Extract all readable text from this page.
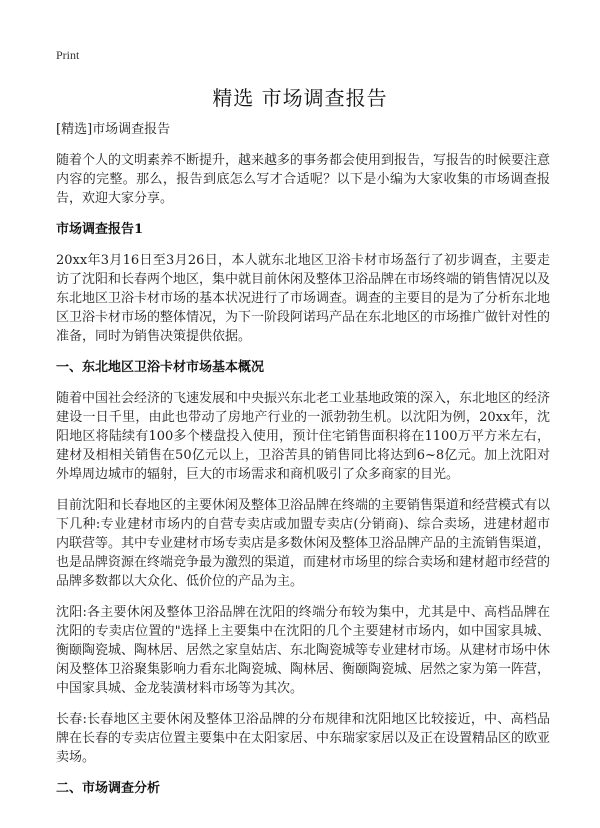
Print
精选 市场调查报告

[精选]市场调查报告

随着个人的文明素养不断提升，越来越多的事务都会使用到报告，写报告的时候要注意内容的完整。那么，报告到底怎么写才合适呢？以下是小编为大家收集的市场调查报告，欢迎大家分享。

市场调查报告1

20xx年3月16日至3月26日，本人就东北地区卫浴卡材市场盔行了初步调查，主要走访了沈阳和长春两个地区，集中就目前休闲及整体卫浴品牌在市场终端的销售情况以及东北地区卫浴卡材市场的基本状况进行了市场调查。调查的主要目的是为了分析东北地区卫浴卡材市场的整体情况，为下一阶段阿诺玛产品在东北地区的市场推广做针对性的准备，同时为销售决策提供依据。

一、东北地区卫浴卡材市场基本概况

随着中国社会经济的飞速发展和中央振兴东北老工业基地政策的深入，东北地区的经济建设一日千里，由此也带动了房地产行业的一派勃勃生机。以沈阳为例，20xx年，沈阳地区将陆续有100多个楼盘投入使用，预计住宅销售面积将在1100万平方米左右，建材及相相关销售在50亿元以上，卫浴苦具的销售同比将达到6~8亿元。加上沈阳对外埠周边城市的辐射，巨大的市场需求和商机吸引了众多商家的目光。

目前沈阳和长春地区的主要休闲及整体卫浴品牌在终端的主要销售渠道和经营模式有以下几种:专业建材市场内的自营专卖店或加盟专卖店(分销商)、综合卖场，进建材超市内联营等。其中专业建材市场专卖店是多数休闲及整体卫浴品牌产品的主流销售渠道，也是品牌资源在终端竞争最为激烈的渠道，而建材市场里的综合卖场和建材超市经营的品牌多数都以大众化、低价位的产品为主。

沈阳:各主要休闲及整体卫浴品牌在沈阳的终端分布较为集中，尤其是中、高档品牌在沈阳的专卖店位置的"选择上主要集中在沈阳的几个主要建材市场内，如中国家具城、衡颐陶瓷城、陶林居、居然之家皇姑店、东北陶瓷城等专业建材市场。从建材市场中休闲及整体卫浴聚集影响力看东北陶瓷城、陶林居、衡颐陶瓷城、居然之家为第一阵营，中国家具城、金龙装潢材料市场等为其次。

长春:长春地区主要休闲及整体卫浴品牌的分布规律和沈阳地区比较接近，中、高档品牌在长春的专卖店位置主要集中在太阳家居、中东瑞家家居以及正在设置精品区的欧亚卖场。

二、市场调查分析
